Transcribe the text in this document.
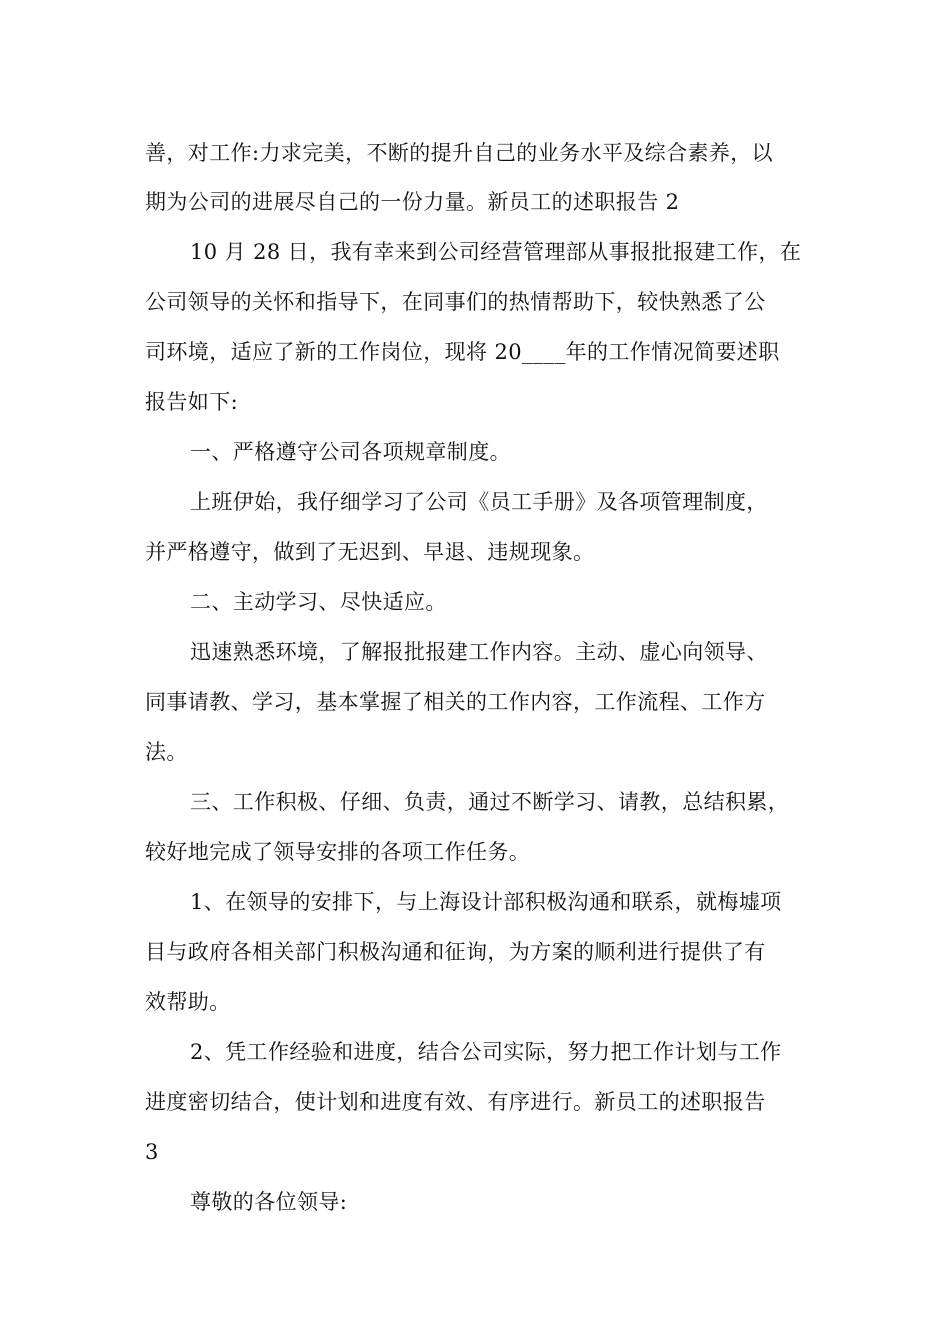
善，对工作:力求完美，不断的提升自己的业务水平及综合素养，以
期为公司的进展尽自己的一份力量。新员工的述职报告 2
10 月 28 日，我有幸来到公司经营管理部从事报批报建工作，在
公司领导的关怀和指导下，在同事们的热情帮助下，较快熟悉了公
司环境，适应了新的工作岗位，现将 20____年的工作情况简要述职
报告如下:
一、严格遵守公司各项规章制度。
上班伊始，我仔细学习了公司《员工手册》及各项管理制度，
并严格遵守，做到了无迟到、早退、违规现象。
二、主动学习、尽快适应。
迅速熟悉环境，了解报批报建工作内容。主动、虚心向领导、
同事请教、学习，基本掌握了相关的工作内容，工作流程、工作方
法。
三、工作积极、仔细、负责，通过不断学习、请教，总结积累，
较好地完成了领导安排的各项工作任务。
1、在领导的安排下，与上海设计部积极沟通和联系，就梅墟项
目与政府各相关部门积极沟通和征询，为方案的顺利进行提供了有
效帮助。
2、凭工作经验和进度，结合公司实际，努力把工作计划与工作
进度密切结合，使计划和进度有效、有序进行。新员工的述职报告
3
尊敬的各位领导:
